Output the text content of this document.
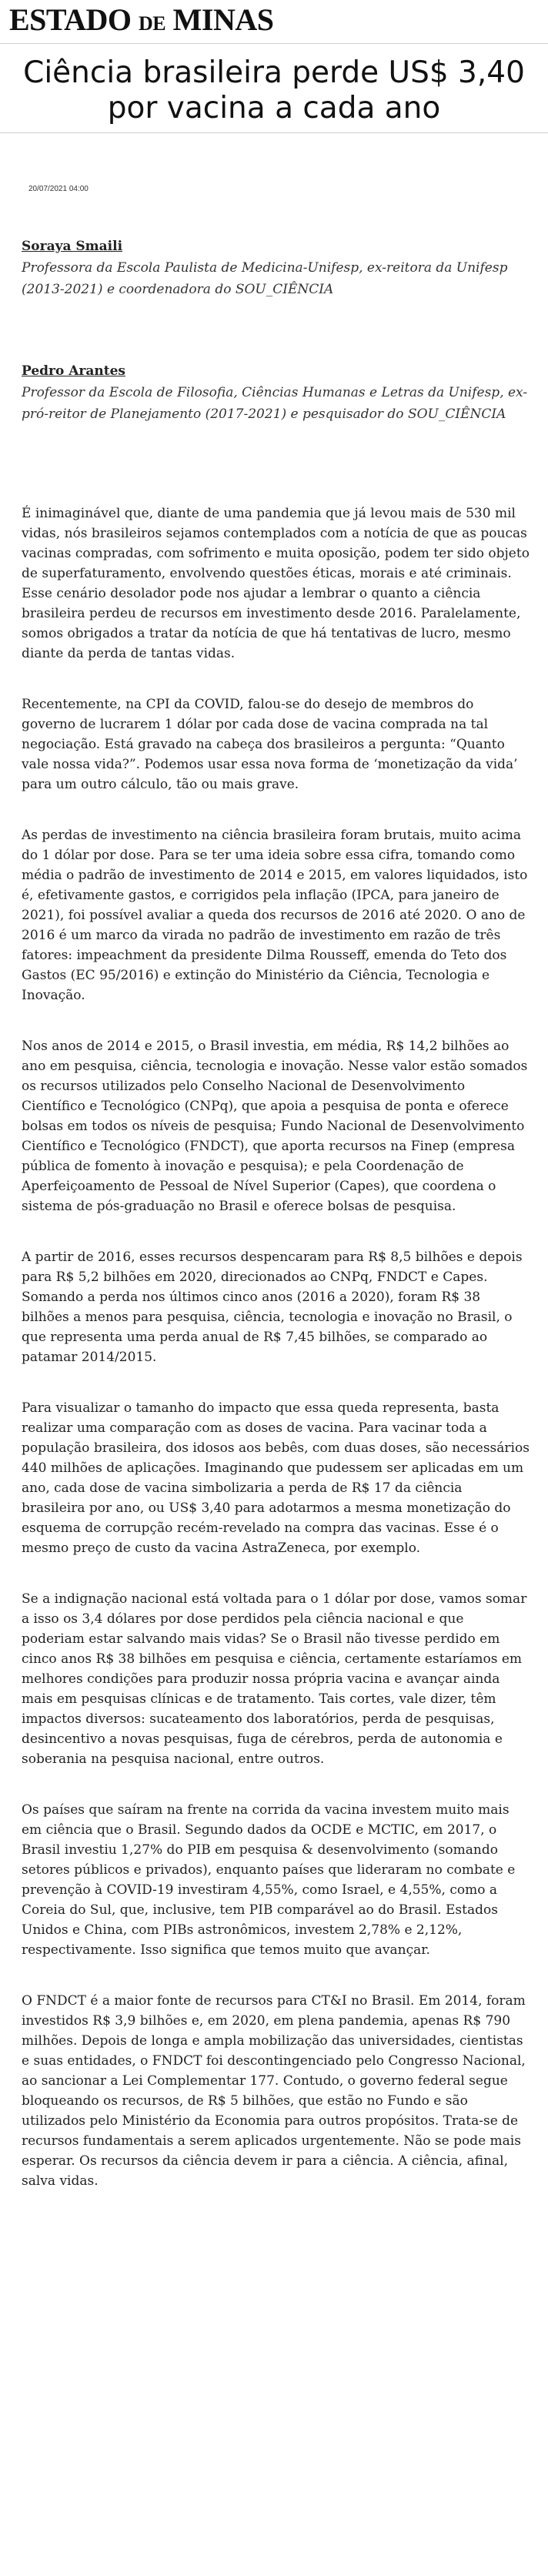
ESTADO DE MINAS
Ciência brasileira perde US$ 3,40 por vacina a cada ano
20/07/2021 04:00
Soraya Smaili
Professora da Escola Paulista de Medicina-Unifesp, ex-reitora da Unifesp (2013-2021) e coordenadora do SOU_CIÊNCIA
Pedro Arantes
Professor da Escola de Filosofia, Ciências Humanas e Letras da Unifesp, ex-pró-reitor de Planejamento (2017-2021) e pesquisador do SOU_CIÊNCIA

É inimaginável que, diante de uma pandemia que já levou mais de 530 mil vidas, nós brasileiros sejamos contemplados com a notícia de que as poucas vacinas compradas, com sofrimento e muita oposição, podem ter sido objeto de superfaturamento, envolvendo questões éticas, morais e até criminais. Esse cenário desolador pode nos ajudar a lembrar o quanto a ciência brasileira perdeu de recursos em investimento desde 2016. Paralelamente, somos obrigados a tratar da notícia de que há tentativas de lucro, mesmo diante da perda de tantas vidas.

Recentemente, na CPI da COVID, falou-se do desejo de membros do governo de lucrarem 1 dólar por cada dose de vacina comprada na tal negociação. Está gravado na cabeça dos brasileiros a pergunta: “Quanto vale nossa vida?”. Podemos usar essa nova forma de ‘monetização da vida’ para um outro cálculo, tão ou mais grave.

As perdas de investimento na ciência brasileira foram brutais, muito acima do 1 dólar por dose. Para se ter uma ideia sobre essa cifra, tomando como média o padrão de investimento de 2014 e 2015, em valores liquidados, isto é, efetivamente gastos, e corrigidos pela inflação (IPCA, para janeiro de 2021), foi possível avaliar a queda dos recursos de 2016 até 2020. O ano de 2016 é um marco da virada no padrão de investimento em razão de três fatores: impeachment da presidente Dilma Rousseff, emenda do Teto dos Gastos (EC 95/2016) e extinção do Ministério da Ciência, Tecnologia e Inovação.

Nos anos de 2014 e 2015, o Brasil investia, em média, R$ 14,2 bilhões ao ano em pesquisa, ciência, tecnologia e inovação. Nesse valor estão somados os recursos utilizados pelo Conselho Nacional de Desenvolvimento Científico e Tecnológico (CNPq), que apoia a pesquisa de ponta e oferece bolsas em todos os níveis de pesquisa; Fundo Nacional de Desenvolvimento Científico e Tecnológico (FNDCT), que aporta recursos na Finep (empresa pública de fomento à inovação e pesquisa); e pela Coordenação de Aperfeiçoamento de Pessoal de Nível Superior (Capes), que coordena o sistema de pós-graduação no Brasil e oferece bolsas de pesquisa.

A partir de 2016, esses recursos despencaram para R$ 8,5 bilhões e depois para R$ 5,2 bilhões em 2020, direcionados ao CNPq, FNDCT e Capes. Somando a perda nos últimos cinco anos (2016 a 2020), foram R$ 38 bilhões a menos para pesquisa, ciência, tecnologia e inovação no Brasil, o que representa uma perda anual de R$ 7,45 bilhões, se comparado ao patamar 2014/2015.

Para visualizar o tamanho do impacto que essa queda representa, basta realizar uma comparação com as doses de vacina. Para vacinar toda a população brasileira, dos idosos aos bebês, com duas doses, são necessários 440 milhões de aplicações. Imaginando que pudessem ser aplicadas em um ano, cada dose de vacina simbolizaria a perda de R$ 17 da ciência brasileira por ano, ou US$ 3,40 para adotarmos a mesma monetização do esquema de corrupção recém-revelado na compra das vacinas. Esse é o mesmo preço de custo da vacina AstraZeneca, por exemplo.

Se a indignação nacional está voltada para o 1 dólar por dose, vamos somar a isso os 3,4 dólares por dose perdidos pela ciência nacional e que poderiam estar salvando mais vidas? Se o Brasil não tivesse perdido em cinco anos R$ 38 bilhões em pesquisa e ciência, certamente estaríamos em melhores condições para produzir nossa própria vacina e avançar ainda mais em pesquisas clínicas e de tratamento. Tais cortes, vale dizer, têm impactos diversos: sucateamento dos laboratórios, perda de pesquisas, desincentivo a novas pesquisas, fuga de cérebros, perda de autonomia e soberania na pesquisa nacional, entre outros.

Os países que saíram na frente na corrida da vacina investem muito mais em ciência que o Brasil. Segundo dados da OCDE e MCTIC, em 2017, o Brasil investiu 1,27% do PIB em pesquisa & desenvolvimento (somando setores públicos e privados), enquanto países que lideraram no combate e prevenção à COVID-19 investiram 4,55%, como Israel, e 4,55%, como a Coreia do Sul, que, inclusive, tem PIB comparável ao do Brasil. Estados Unidos e China, com PIBs astronômicos, investem 2,78% e 2,12%, respectivamente. Isso significa que temos muito que avançar.

O FNDCT é a maior fonte de recursos para CT&I no Brasil. Em 2014, foram investidos R$ 3,9 bilhões e, em 2020, em plena pandemia, apenas R$ 790 milhões. Depois de longa e ampla mobilização das universidades, cientistas e suas entidades, o FNDCT foi descontingenciado pelo Congresso Nacional, ao sancionar a Lei Complementar 177. Contudo, o governo federal segue bloqueando os recursos, de R$ 5 bilhões, que estão no Fundo e são utilizados pelo Ministério da Economia para outros propósitos. Trata-se de recursos fundamentais a serem aplicados urgentemente. Não se pode mais esperar. Os recursos da ciência devem ir para a ciência. A ciência, afinal, salva vidas.
